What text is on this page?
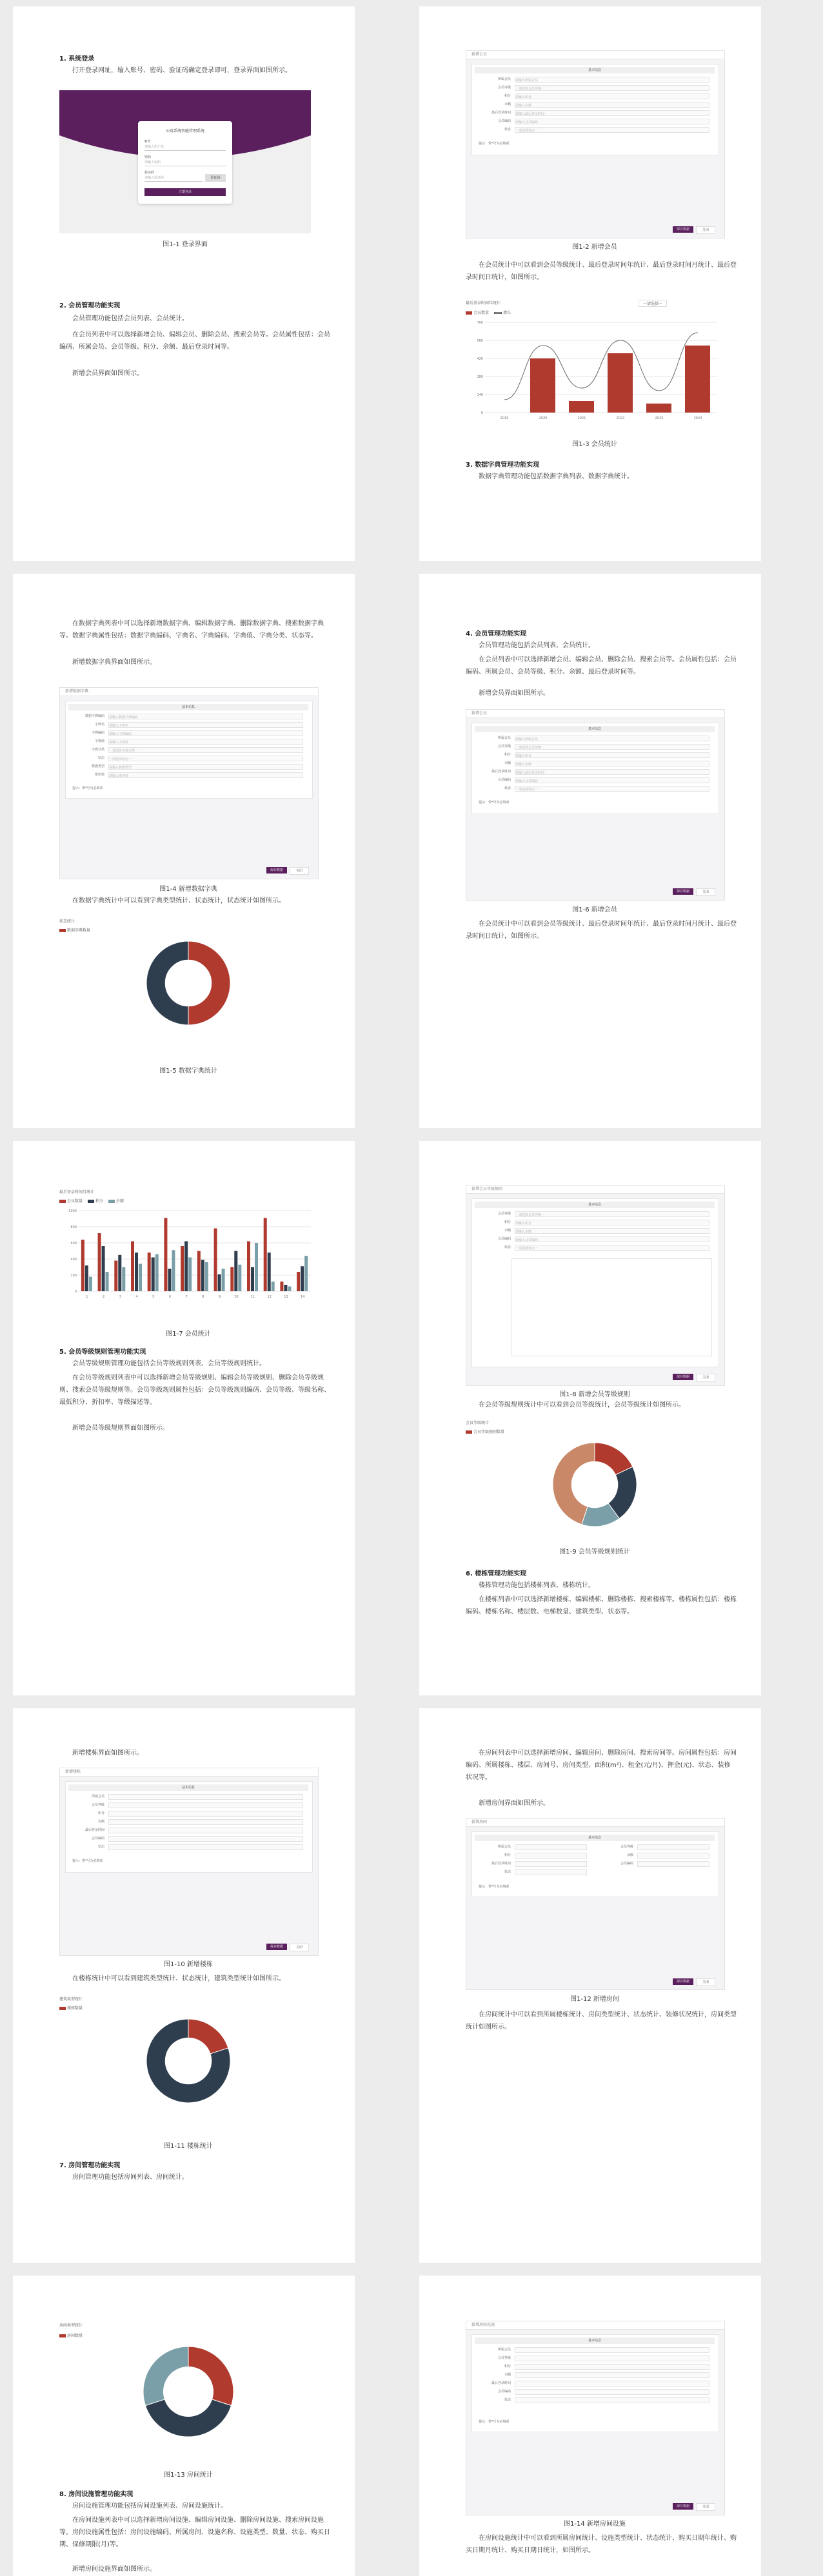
1. 系统登录
打开登录网址，输入账号、密码、验证码确定登录即可，登录界面如图所示。
公寓系统智能管理系统
账号
请输入用户名
密码
请输入密码
验证码
请输入验证码	验证码
立即登录
图1-1 登录界面
2. 会员管理功能实现
会员管理功能包括会员列表、会员统计。
在会员列表中可以选择新增会员、编辑会员、删除会员、搜索会员等。会员属性包括：会员编码、所属会员、会员等级、积分、余额、最后登录时间等。
新增会员界面如图所示。
新增会员
基本信息
所属会员 请输入所属会员
会员等级 一请选择会员等级一
积分 请输入积分
余额 请输入余额
最后登录时间 请输入最后登录时间
会员编码 请输入会员编码
状态 一请选择状态一
提示：带*号为必填项
保存数据	关闭
图1-2 新增会员
在会员统计中可以看到会员等级统计、最后登录时间年统计、最后登录时间月统计、最后登录时间日统计，如图所示。
最后登录时间年统计	一请选择一
会员数量	增长
0
140
280
420
560
700
2019	2020	2021	2022	2023	2024
图1-3 会员统计
3. 数据字典管理功能实现
数据字典管理功能包括数据字典列表、数据字典统计。
在数据字典列表中可以选择新增数据字典、编辑数据字典、删除数据字典、搜索数据字典等。数据字典属性包括：数据字典编码、字典名、字典编码、字典值、字典分类、状态等。
新增数据字典界面如图所示。
新增数据字典
基本信息
数据字典编码 请输入数据字典编码
字典名 请输入字典名
字典编码 请输入字典编码
字典值 请输入字典值
字典分类 一请选择字典分类一
状态 一请选择状态一
数据类型 请输入数据类型
排序值 请输入排序值
提示：带*号为必填项
保存数据	关闭
图1-4 新增数据字典
在数据字典统计中可以看到字典类型统计、状态统计，状态统计如图所示。
状态统计
数据字典数量
图1-5 数据字典统计
4. 会员管理功能实现
会员管理功能包括会员列表、会员统计。
在会员列表中可以选择新增会员、编辑会员、删除会员、搜索会员等。会员属性包括：会员编码、所属会员、会员等级、积分、余额、最后登录时间等。
新增会员界面如图所示。
新增会员
基本信息
所属会员 请输入所属会员
会员等级 一请选择会员等级一
积分 请输入积分
余额 请输入余额
最后登录时间 请输入最后登录时间
会员编码 请输入会员编码
状态 一请选择状态一
提示：带*号为必填项
保存数据	关闭
图1-6 新增会员
在会员统计中可以看到会员等级统计、最后登录时间年统计、最后登录时间月统计、最后登录时间日统计，如图所示。
最后登录时间月统计
会员数量	积分	余额
0
200
400
600
800
1000
1	2	3	4	5	6	7	8	9	10	11	12	13	14
图1-7 会员统计
5. 会员等级规则管理功能实现
会员等级规则管理功能包括会员等级规则列表、会员等级规则统计。
在会员等级规则列表中可以选择新增会员等级规则、编辑会员等级规则、删除会员等级规则、搜索会员等级规则等。会员等级规则属性包括：会员等级规则编码、会员等级、等级名称、最低积分、折扣率、等级描述等。
新增会员等级规则界面如图所示。
新增会员等级规则
基本信息
会员等级 一请选择会员等级一
积分 请输入积分
余额 请输入余额
会员编码 请输入会员编码
状态 一请选择状态一
保存数据	关闭
图1-8 新增会员等级规则
在会员等级规则统计中可以看到会员等级统计，会员等级统计如图所示。
会员等级统计
会员等级规则数量
图1-9 会员等级规则统计
6. 楼栋管理功能实现
楼栋管理功能包括楼栋列表、楼栋统计。
在楼栋列表中可以选择新增楼栋、编辑楼栋、删除楼栋、搜索楼栋等。楼栋属性包括：楼栋编码、楼栋名称、楼层数、电梯数量、建筑类型、状态等。
新增楼栋界面如图所示。
新增楼栋
基本信息
所属会员
会员等级
积分
余额
最后登录时间
会员编码
状态
提示：带*号为必填项
保存数据	关闭
图1-10 新增楼栋
在楼栋统计中可以看到建筑类型统计、状态统计，建筑类型统计如图所示。
建筑类型统计
楼栋数量
图1-11 楼栋统计
7. 房间管理功能实现
房间管理功能包括房间列表、房间统计。
在房间列表中可以选择新增房间、编辑房间、删除房间、搜索房间等。房间属性包括：房间编码、所属楼栋、楼层、房间号、房间类型、面积(m²)、租金(元/月)、押金(元)、状态、装修状况等。
新增房间界面如图所示。
新增房间
基本信息
所属会员	会员等级
积分	余额
最后登录时间	会员编码
状态
提示：带*号为必填项
保存数据	关闭
图1-12 新增房间
在房间统计中可以看到所属楼栋统计、房间类型统计、状态统计、装修状况统计，房间类型统计如图所示。
房间类型统计
房间数量
图1-13 房间统计
8. 房间设施管理功能实现
房间设施管理功能包括房间设施列表、房间设施统计。
在房间设施列表中可以选择新增房间设施、编辑房间设施、删除房间设施、搜索房间设施等。房间设施属性包括：房间设施编码、所属房间、设施名称、设施类型、数量、状态、购买日期、保修期限(月)等。
新增房间设施界面如图所示。
新增房间设施
基本信息
所属会员
会员等级
积分
余额
最后登录时间
会员编码
状态
提示：带*号为必填项
保存数据	关闭
图1-14 新增房间设施
在房间设施统计中可以看到所属房间统计、设施类型统计、状态统计、购买日期年统计、购买日期月统计、购买日期日统计，如图所示。
